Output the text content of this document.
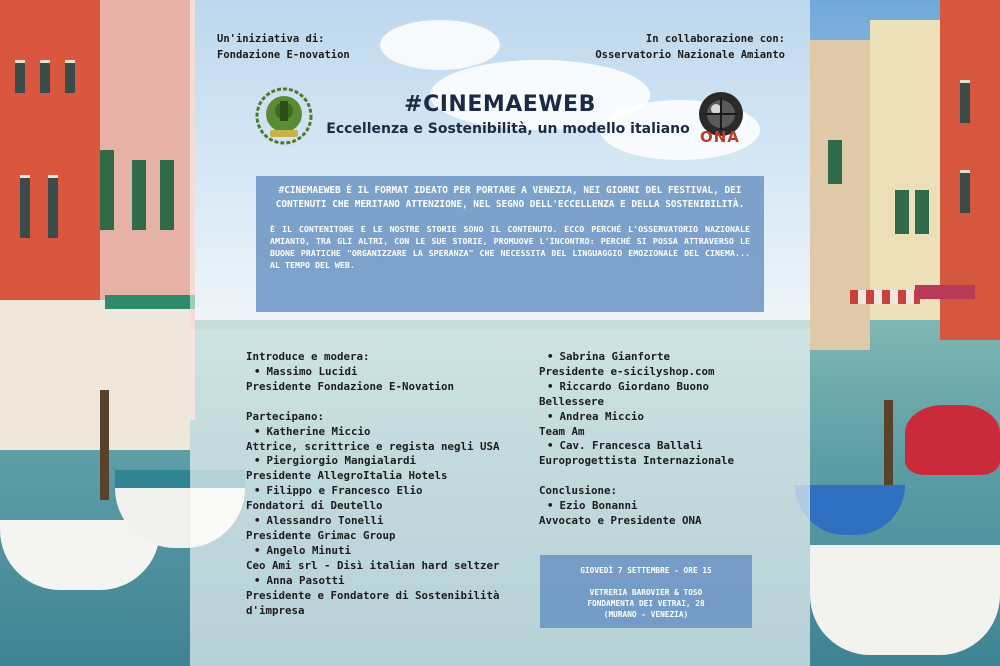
Un'iniziativa di:
Fondazione E-novation
In collaborazione con:
Osservatorio Nazionale Amianto
#CINEMAEWEB
Eccellenza e Sostenibilità, un modello italiano ONA

#CINEMAEWEB È IL FORMAT IDEATO PER PORTARE A VENEZIA, NEI GIORNI DEL FESTIVAL, DEI CONTENUTI CHE MERITANO ATTENZIONE, NEL SEGNO DELL'ECCELLENZA E DELLA SOSTENIBILITÀ.

È IL CONTENITORE E LE NOSTRE STORIE SONO IL CONTENUTO. ECCO PERCHÉ L'OSSERVATORIO NAZIONALE AMIANTO, TRA GLI ALTRI, CON LE SUE STORIE, PROMUOVE L'INCONTRO: PERCHÉ SI POSSA ATTRAVERSO LE BUONE PRATICHE "ORGANIZZARE LA SPERANZA" CHE NECESSITA DEL LINGUAGGIO EMOZIONALE DEL CINEMA... AL TEMPO DEL WEB.

Introduce e modera:
• Massimo Lucidi
Presidente Fondazione E-Novation
Partecipano:
• Katherine Miccio
Attrice, scrittrice e regista negli USA
• Piergiorgio Mangialardi
Presidente AllegroItalia Hotels
• Filippo e Francesco Elio
Fondatori di Deutello
• Alessandro Tonelli
Presidente Grimac Group
• Angelo Minuti
Ceo Ami srl - Disì italian hard seltzer
• Anna Pasotti
Presidente e Fondatore di Sostenibilità d'impresa
• Sabrina Gianforte
Presidente e-sicilyshop.com
• Riccardo Giordano Buono
Bellessere
• Andrea Miccio
Team Am
• Cav. Francesca Ballali
Europrogettista Internazionale
Conclusione:
• Ezio Bonanni
Avvocato e Presidente ONA
GIOVEDÌ 7 SETTEMBRE - ORE 15
VETRERIA BAROVIER & TOSO
FONDAMENTA DEI VETRAI, 28
(MURANO - VENEZIA)
